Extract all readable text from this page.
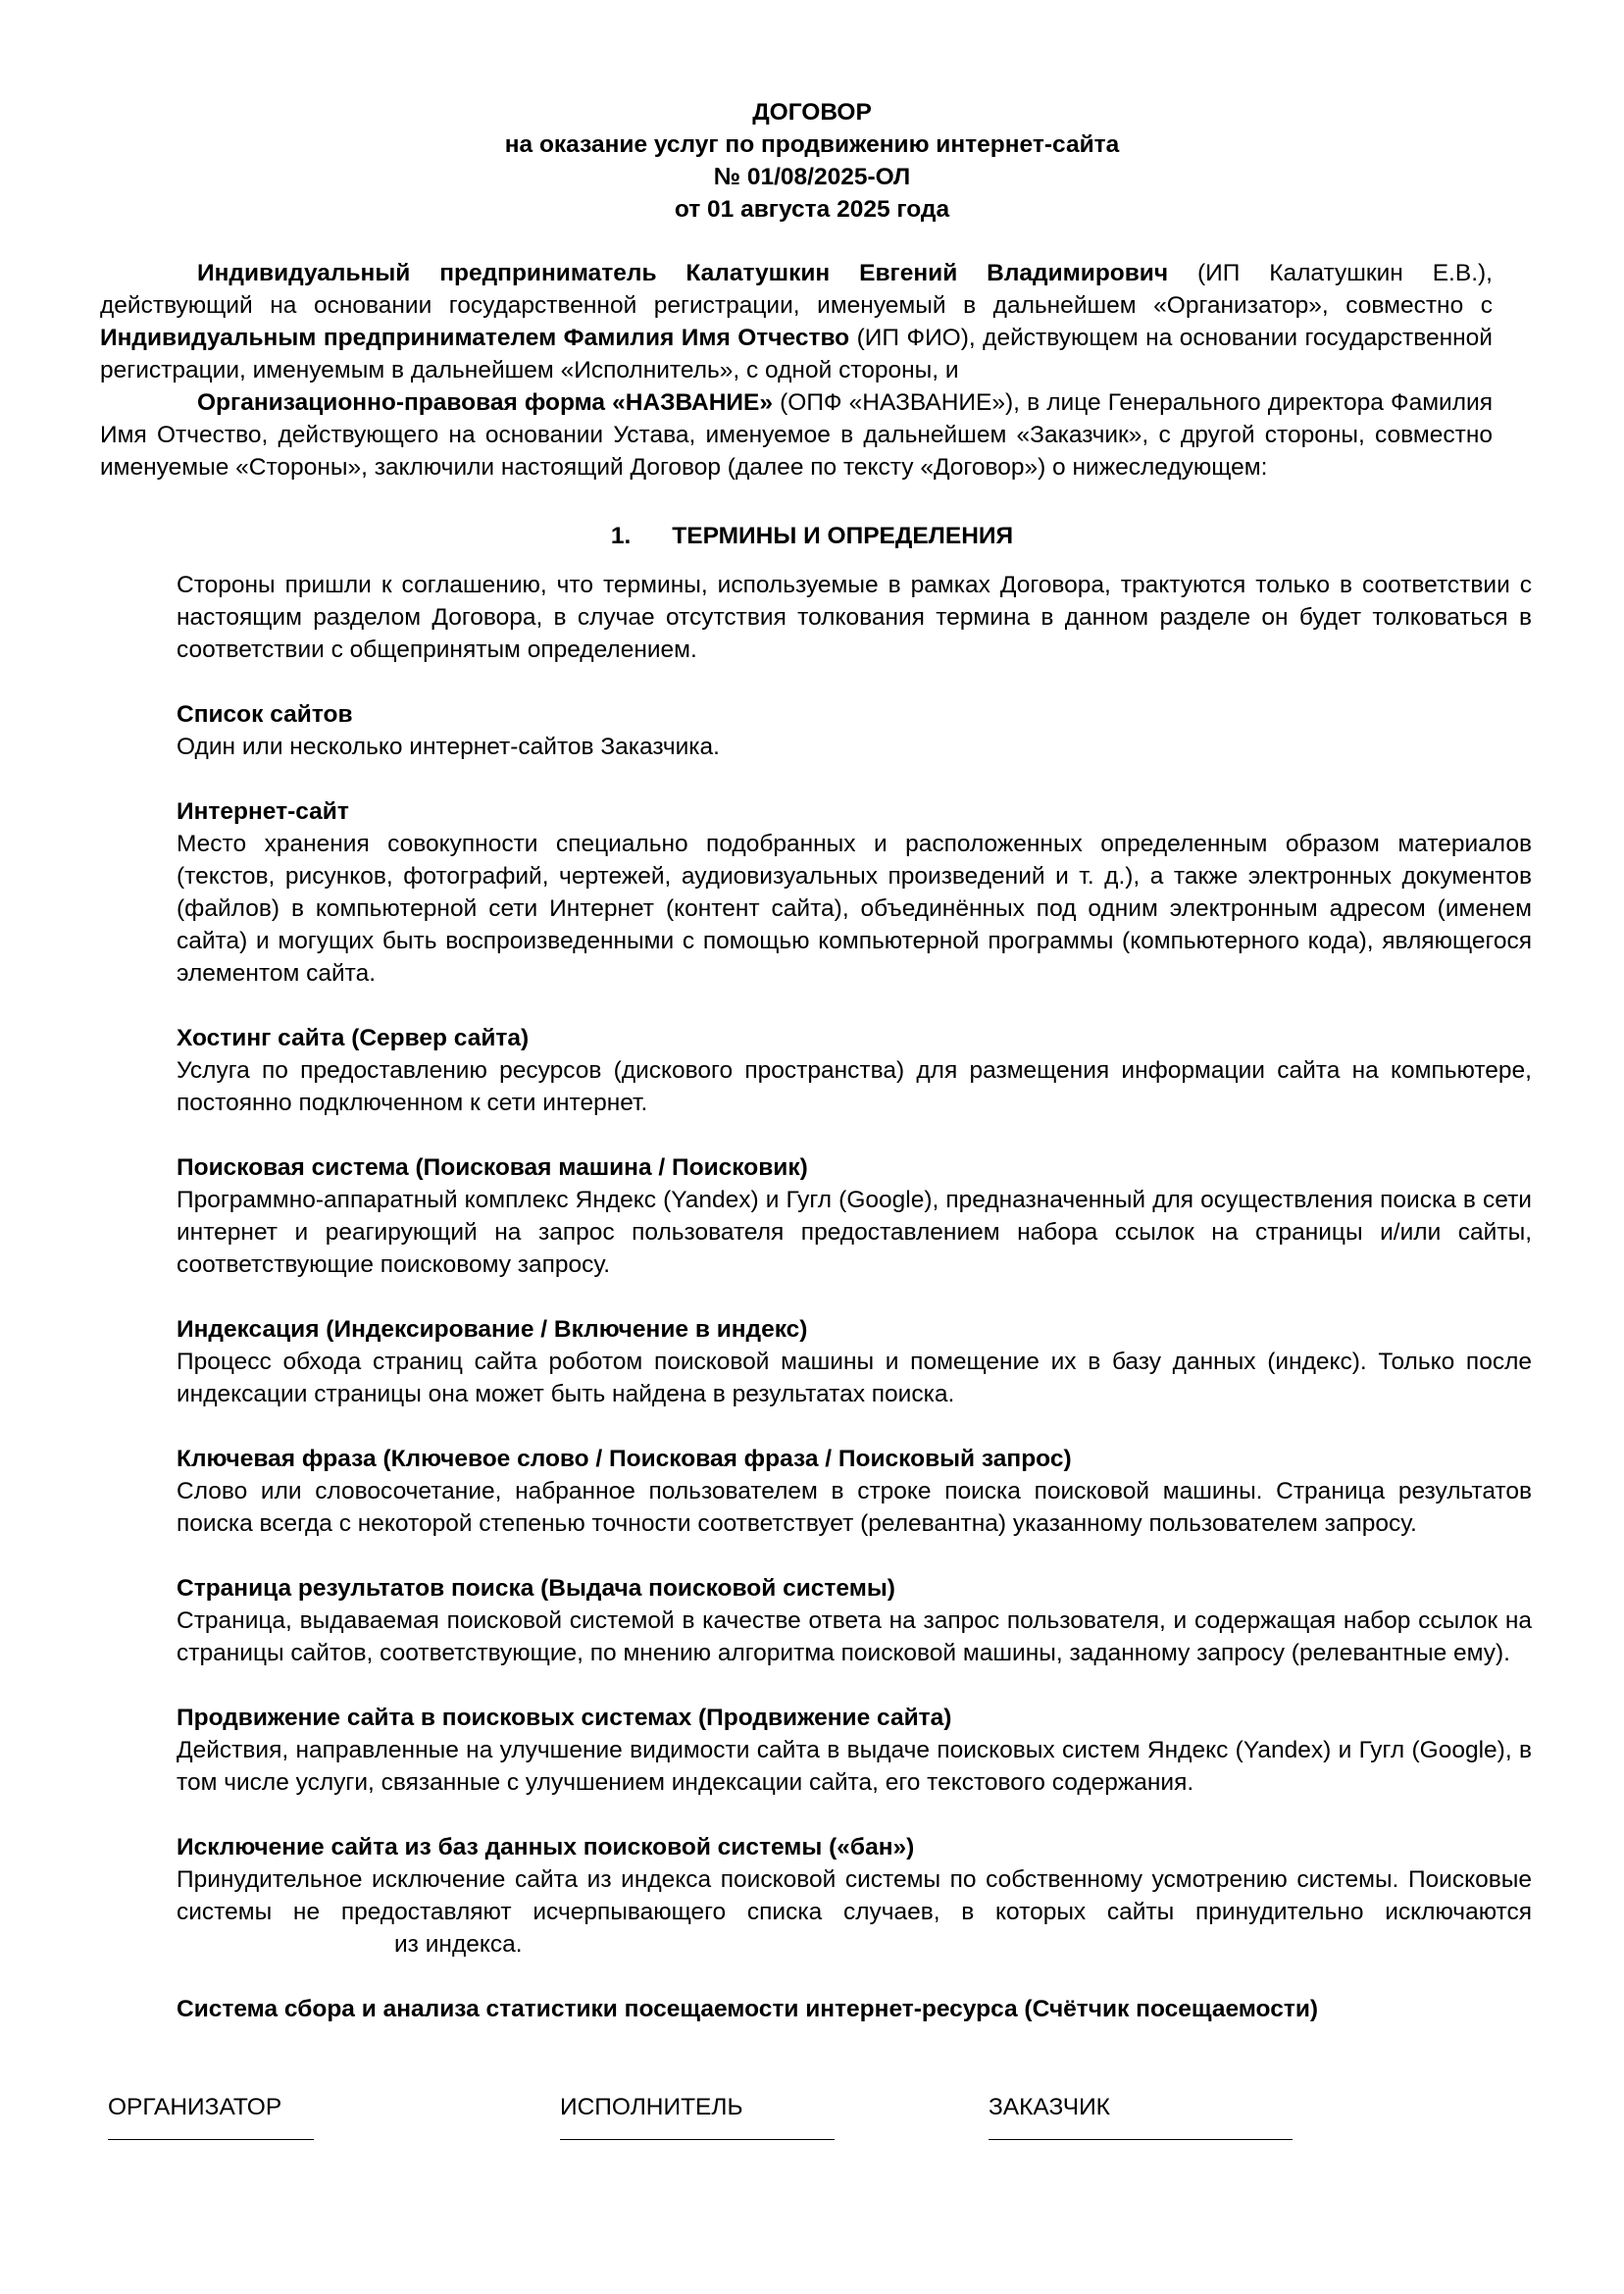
ДОГОВОР
на оказание услуг по продвижению интернет-сайта
№ 01/08/2025-ОЛ
от 01 августа 2025 года

Индивидуальный предприниматель Калатушкин Евгений Владимирович (ИП Калатушкин Е.В.), действующий на основании государственной регистрации, именуемый в дальнейшем «Организатор», совместно с Индивидуальным предпринимателем Фамилия Имя Отчество (ИП ФИО), действующем на основании государственной регистрации, именуемым в дальнейшем «Исполнитель», с одной стороны, и

Организационно-правовая форма «НАЗВАНИЕ» (ОПФ «НАЗВАНИЕ»), в лице Генерального директора Фамилия Имя Отчество, действующего на основании Устава, именуемое в дальнейшем «Заказчик», с другой стороны, совместно именуемые «Стороны», заключили настоящий Договор (далее по тексту «Договор») о нижеследующем:

1. ТЕРМИНЫ И ОПРЕДЕЛЕНИЯ

Стороны пришли к соглашению, что термины, используемые в рамках Договора, трактуются только в соответствии с настоящим разделом Договора, в случае отсутствия толкования термина в данном разделе он будет толковаться в соответствии с общепринятым определением.

Список сайтов

Один или несколько интернет-сайтов Заказчика.

Интернет-сайт

Место хранения совокупности специально подобранных и расположенных определенным образом материалов (текстов, рисунков, фотографий, чертежей, аудиовизуальных произведений и т. д.), а также электронных документов (файлов) в компьютерной сети Интернет (контент сайта), объединённых под одним электронным адресом (именем сайта) и могущих быть воспроизведенными с помощью компьютерной программы (компьютерного кода), являющегося элементом сайта.

Хостинг сайта (Сервер сайта)

Услуга по предоставлению ресурсов (дискового пространства) для размещения информации сайта на компьютере, постоянно подключенном к сети интернет.

Поисковая система (Поисковая машина / Поисковик)

Программно-аппаратный комплекс Яндекс (Yandex) и Гугл (Google), предназначенный для осуществления поиска в сети интернет и реагирующий на запрос пользователя предоставлением набора ссылок на страницы и/или сайты, соответствующие поисковому запросу.

Индексация (Индексирование / Включение в индекс)

Процесс обхода страниц сайта роботом поисковой машины и помещение их в базу данных (индекс). Только после индексации страницы она может быть найдена в результатах поиска.

Ключевая фраза (Ключевое слово / Поисковая фраза / Поисковый запрос)

Слово или словосочетание, набранное пользователем в строке поиска поисковой машины. Страница результатов поиска всегда с некоторой степенью точности соответствует (релевантна) указанному пользователем запросу.

Страница результатов поиска (Выдача поисковой системы)

Страница, выдаваемая поисковой системой в качестве ответа на запрос пользователя, и содержащая набор ссылок на страницы сайтов, соответствующие, по мнению алгоритма поисковой машины, заданному запросу (релевантные ему).

Продвижение сайта в поисковых системах (Продвижение сайта)

Действия, направленные на улучшение видимости сайта в выдаче поисковых систем Яндекс (Yandex) и Гугл (Google), в том числе услуги, связанные с улучшением индексации сайта, его текстового содержания.

Исключение сайта из баз данных поисковой системы («бан»)

Принудительное исключение сайта из индекса поисковой системы по собственному усмотрению системы. Поисковые системы не предоставляют исчерпывающего списка случаев, в которых сайты принудительно исключаютсяиз индекса.

Система сбора и анализа статистики посещаемости интернет-ресурса (Счётчик посещаемости)

ОРГАНИЗАТОР	ИСПОЛНИТЕЛЬ	ЗАКАЗЧИК
